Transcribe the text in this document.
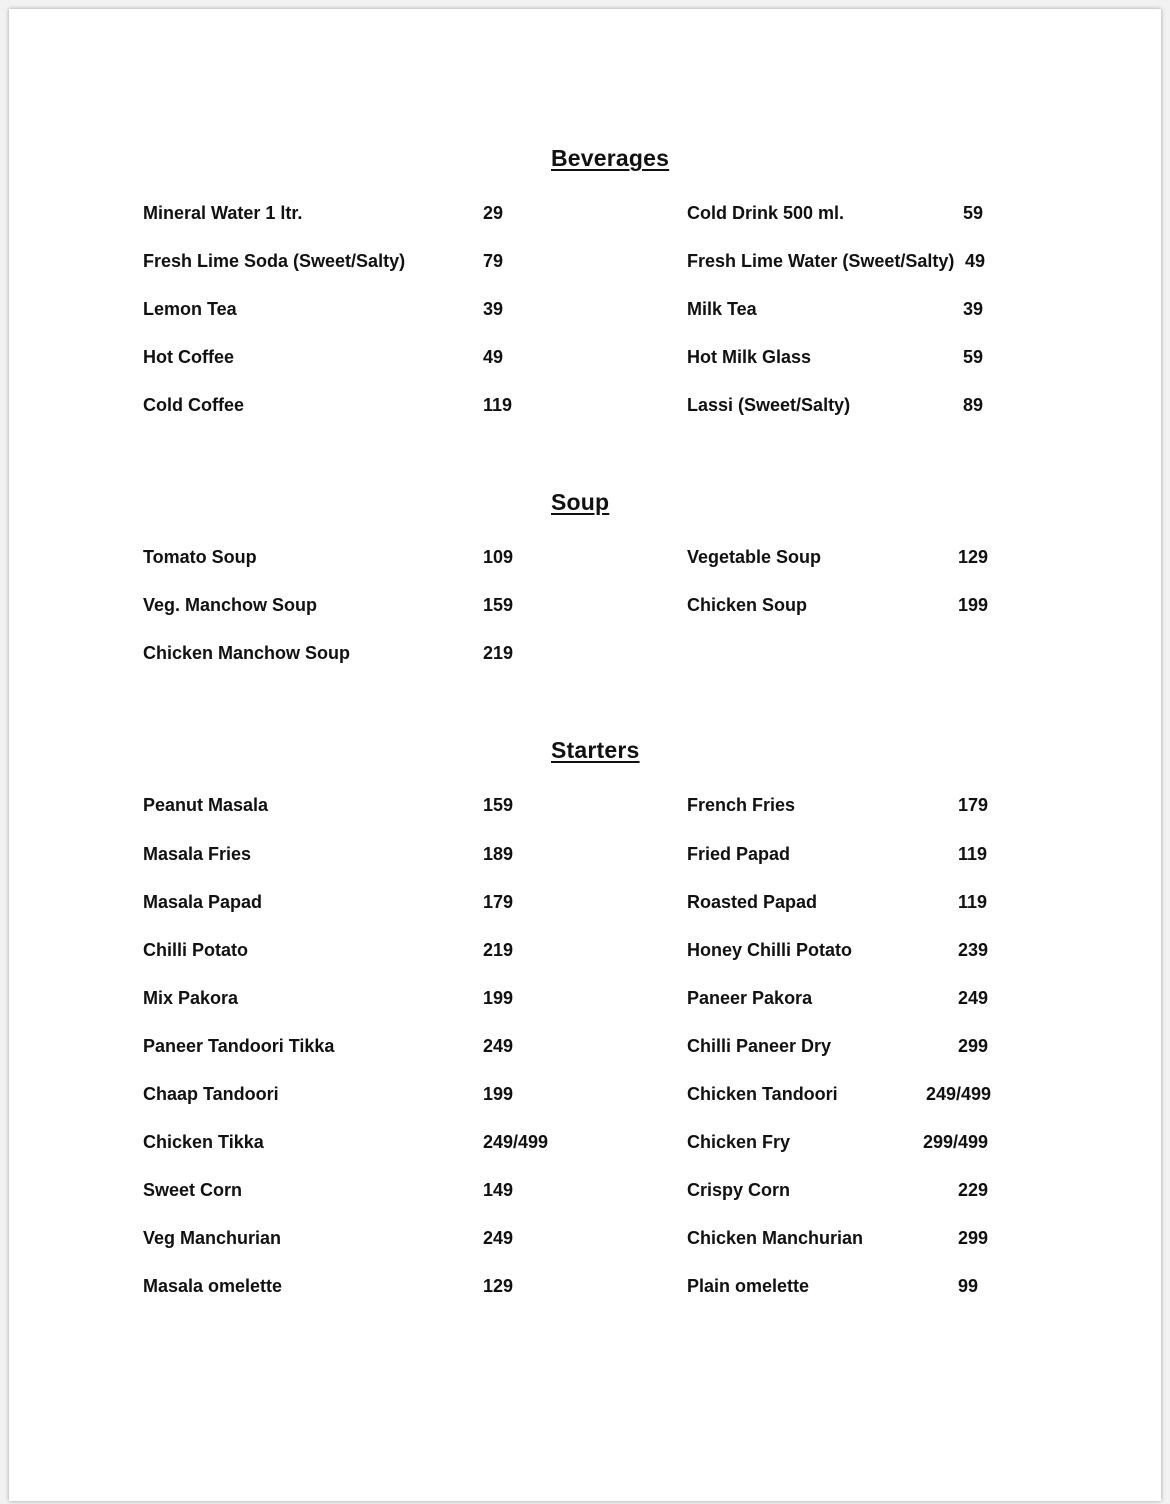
Beverages
Mineral Water 1 ltr.	29	Cold Drink 500 ml.	59
Fresh Lime Soda (Sweet/Salty)	79	Fresh Lime Water (Sweet/Salty) 49
Lemon Tea	39	Milk Tea	39
Hot Coffee	49	Hot Milk Glass	59
Cold Coffee	119	Lassi (Sweet/Salty)	89
Soup
Tomato Soup	109	Vegetable Soup	129
Veg. Manchow Soup	159	Chicken Soup	199
Chicken Manchow Soup	219
Starters
Peanut Masala	159	French Fries	179
Masala Fries	189	Fried Papad	119
Masala Papad	179	Roasted Papad	119
Chilli Potato	219	Honey Chilli Potato	239
Mix Pakora	199	Paneer Pakora	249
Paneer Tandoori Tikka	249	Chilli Paneer Dry	299
Chaap Tandoori	199	Chicken Tandoori	249/499
Chicken Tikka	249/499	Chicken Fry	299/499
Sweet Corn	149	Crispy Corn	229
Veg Manchurian	249	Chicken Manchurian	299
Masala omelette	129	Plain omelette	99
